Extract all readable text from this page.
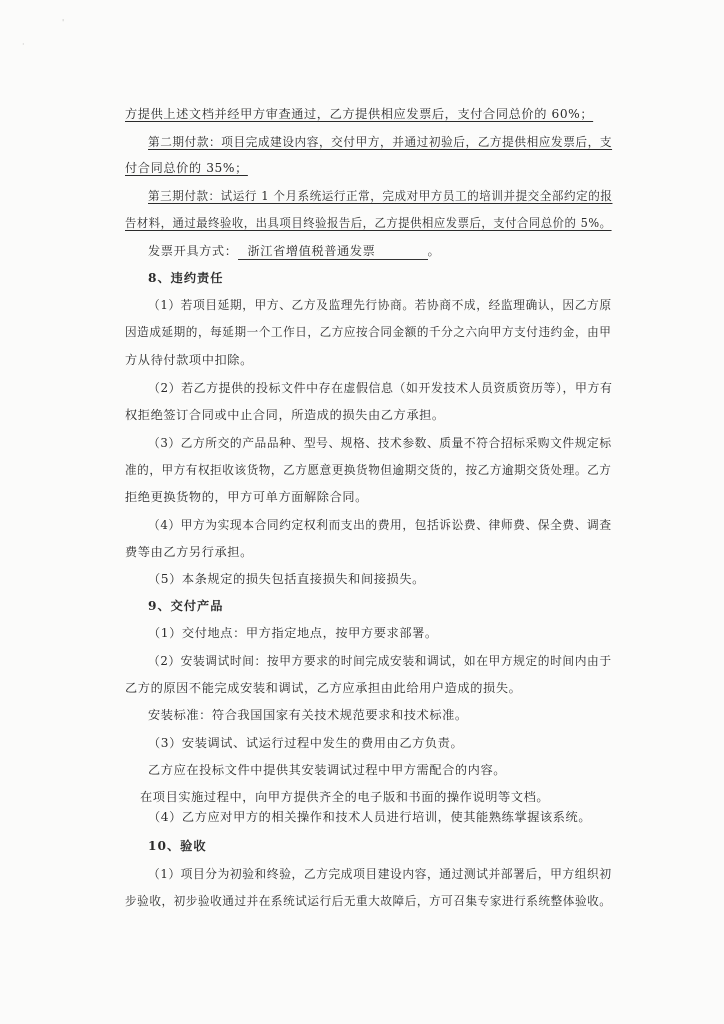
'
·
方提供上述文档并经甲方审查通过，乙方提供相应发票后，支付合同总价的 60%；
第二期付款：项目完成建设内容，交付甲方，并通过初验后，乙方提供相应发票后，支
付合同总价的 35%；
第三期付款：试运行 1 个月系统运行正常，完成对甲方员工的培训并提交全部约定的报
告材料，通过最终验收，出具项目终验报告后，乙方提供相应发票后，支付合同总价的 5%。
发票开具方式： 浙江省增值税普通发票	。
8、违约责任
（1）若项目延期，甲方、乙方及监理先行协商。若协商不成，经监理确认，因乙方原
因造成延期的，每延期一个工作日，乙方应按合同金额的千分之六向甲方支付违约金，由甲
方从待付款项中扣除。
（2）若乙方提供的投标文件中存在虚假信息（如开发技术人员资质资历等），甲方有
权拒绝签订合同或中止合同，所造成的损失由乙方承担。
（3）乙方所交的产品品种、型号、规格、技术参数、质量不符合招标采购文件规定标
准的，甲方有权拒收该货物，乙方愿意更换货物但逾期交货的，按乙方逾期交货处理。乙方
拒绝更换货物的，甲方可单方面解除合同。
（4）甲方为实现本合同约定权利而支出的费用，包括诉讼费、律师费、保全费、调查
费等由乙方另行承担。
（5）本条规定的损失包括直接损失和间接损失。
9、交付产品
（1）交付地点：甲方指定地点，按甲方要求部署。
（2）安装调试时间：按甲方要求的时间完成安装和调试，如在甲方规定的时间内由于
乙方的原因不能完成安装和调试，乙方应承担由此给用户造成的损失。
安装标准：符合我国国家有关技术规范要求和技术标准。
（3）安装调试、试运行过程中发生的费用由乙方负责。
乙方应在投标文件中提供其安装调试过程中甲方需配合的内容。
在项目实施过程中，向甲方提供齐全的电子版和书面的操作说明等文档。
（4）乙方应对甲方的相关操作和技术人员进行培训，使其能熟练掌握该系统。
10、验收
（1）项目分为初验和终验，乙方完成项目建设内容，通过测试并部署后，甲方组织初
步验收，初步验收通过并在系统试运行后无重大故障后，方可召集专家进行系统整体验收。
